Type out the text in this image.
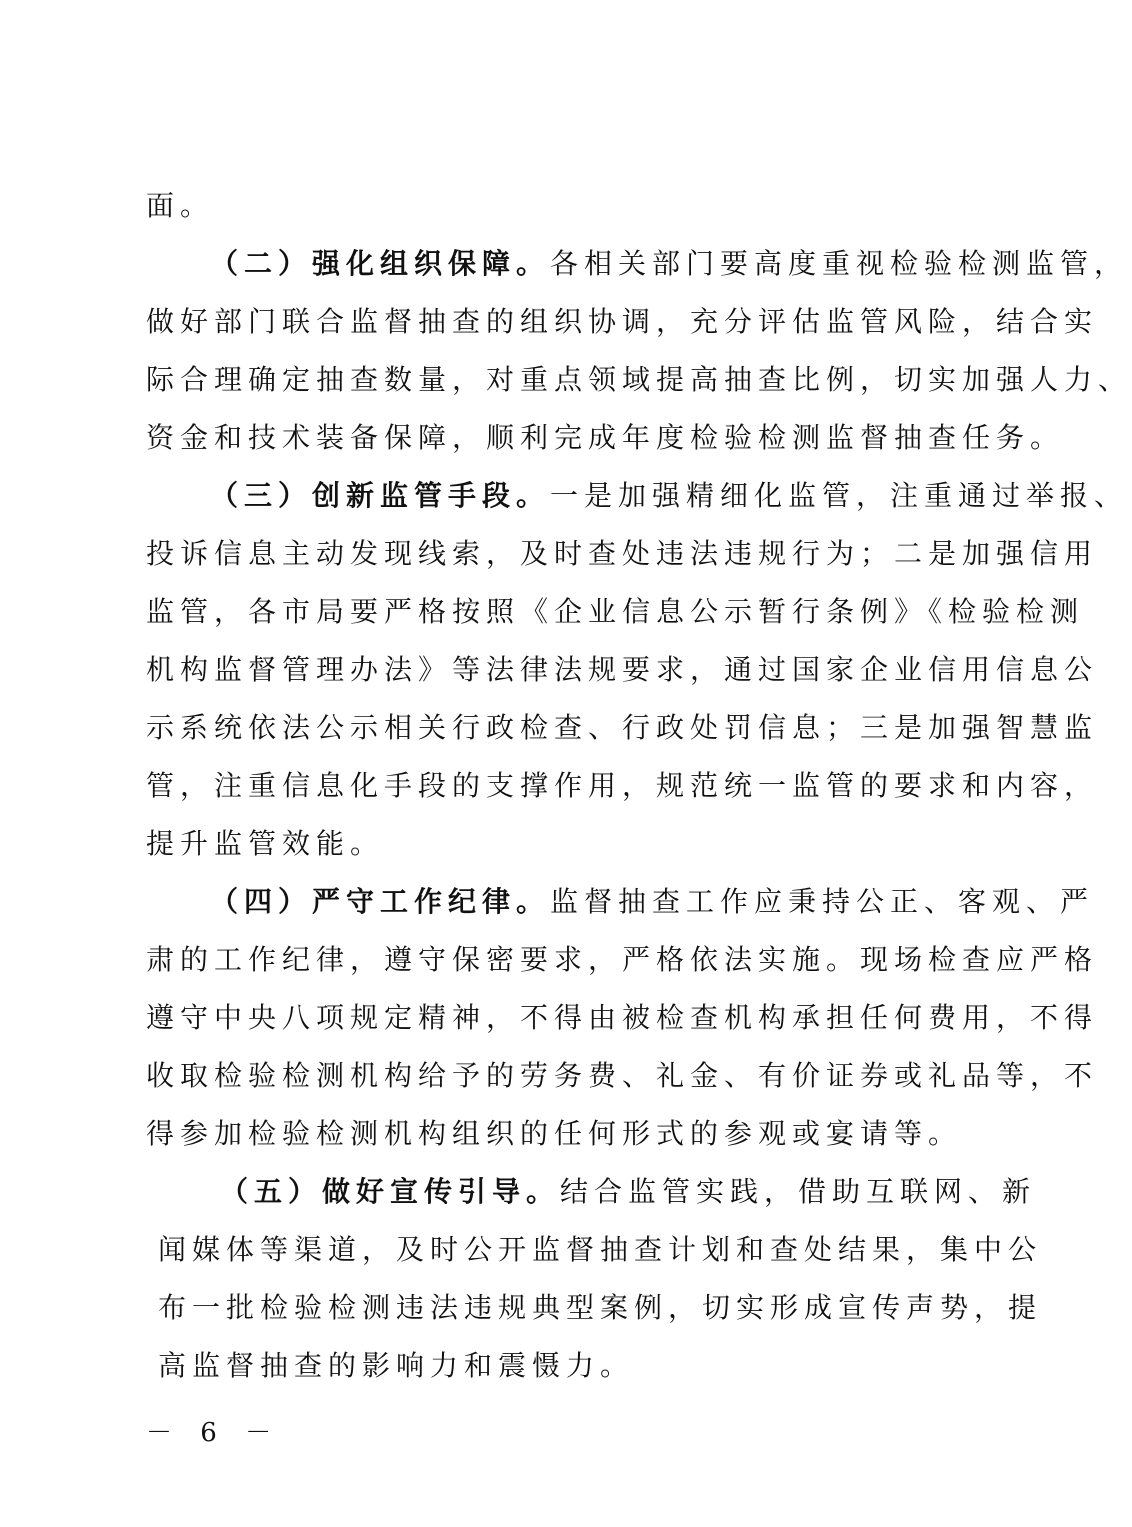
面。
（二）强化组织保障。各相关部门要高度重视检验检测监管，
做好部门联合监督抽查的组织协调，充分评估监管风险，结合实
际合理确定抽查数量，对重点领域提高抽查比例，切实加强人力、
资金和技术装备保障，顺利完成年度检验检测监督抽查任务。
（三）创新监管手段。一是加强精细化监管，注重通过举报、
投诉信息主动发现线索，及时查处违法违规行为；二是加强信用
监管，各市局要严格按照《企业信息公示暂行条例》《检验检测
机构监督管理办法》等法律法规要求，通过国家企业信用信息公
示系统依法公示相关行政检查、行政处罚信息；三是加强智慧监
管，注重信息化手段的支撑作用，规范统一监管的要求和内容，
提升监管效能。
（四）严守工作纪律。监督抽查工作应秉持公正、客观、严
肃的工作纪律，遵守保密要求，严格依法实施。现场检查应严格
遵守中央八项规定精神，不得由被检查机构承担任何费用，不得
收取检验检测机构给予的劳务费、礼金、有价证券或礼品等，不
得参加检验检测机构组织的任何形式的参观或宴请等。
（五）做好宣传引导。结合监管实践，借助互联网、新
闻媒体等渠道，及时公开监督抽查计划和查处结果，集中公
布一批检验检测违法违规典型案例，切实形成宣传声势，提
高监督抽查的影响力和震慑力。
－ 6 －
